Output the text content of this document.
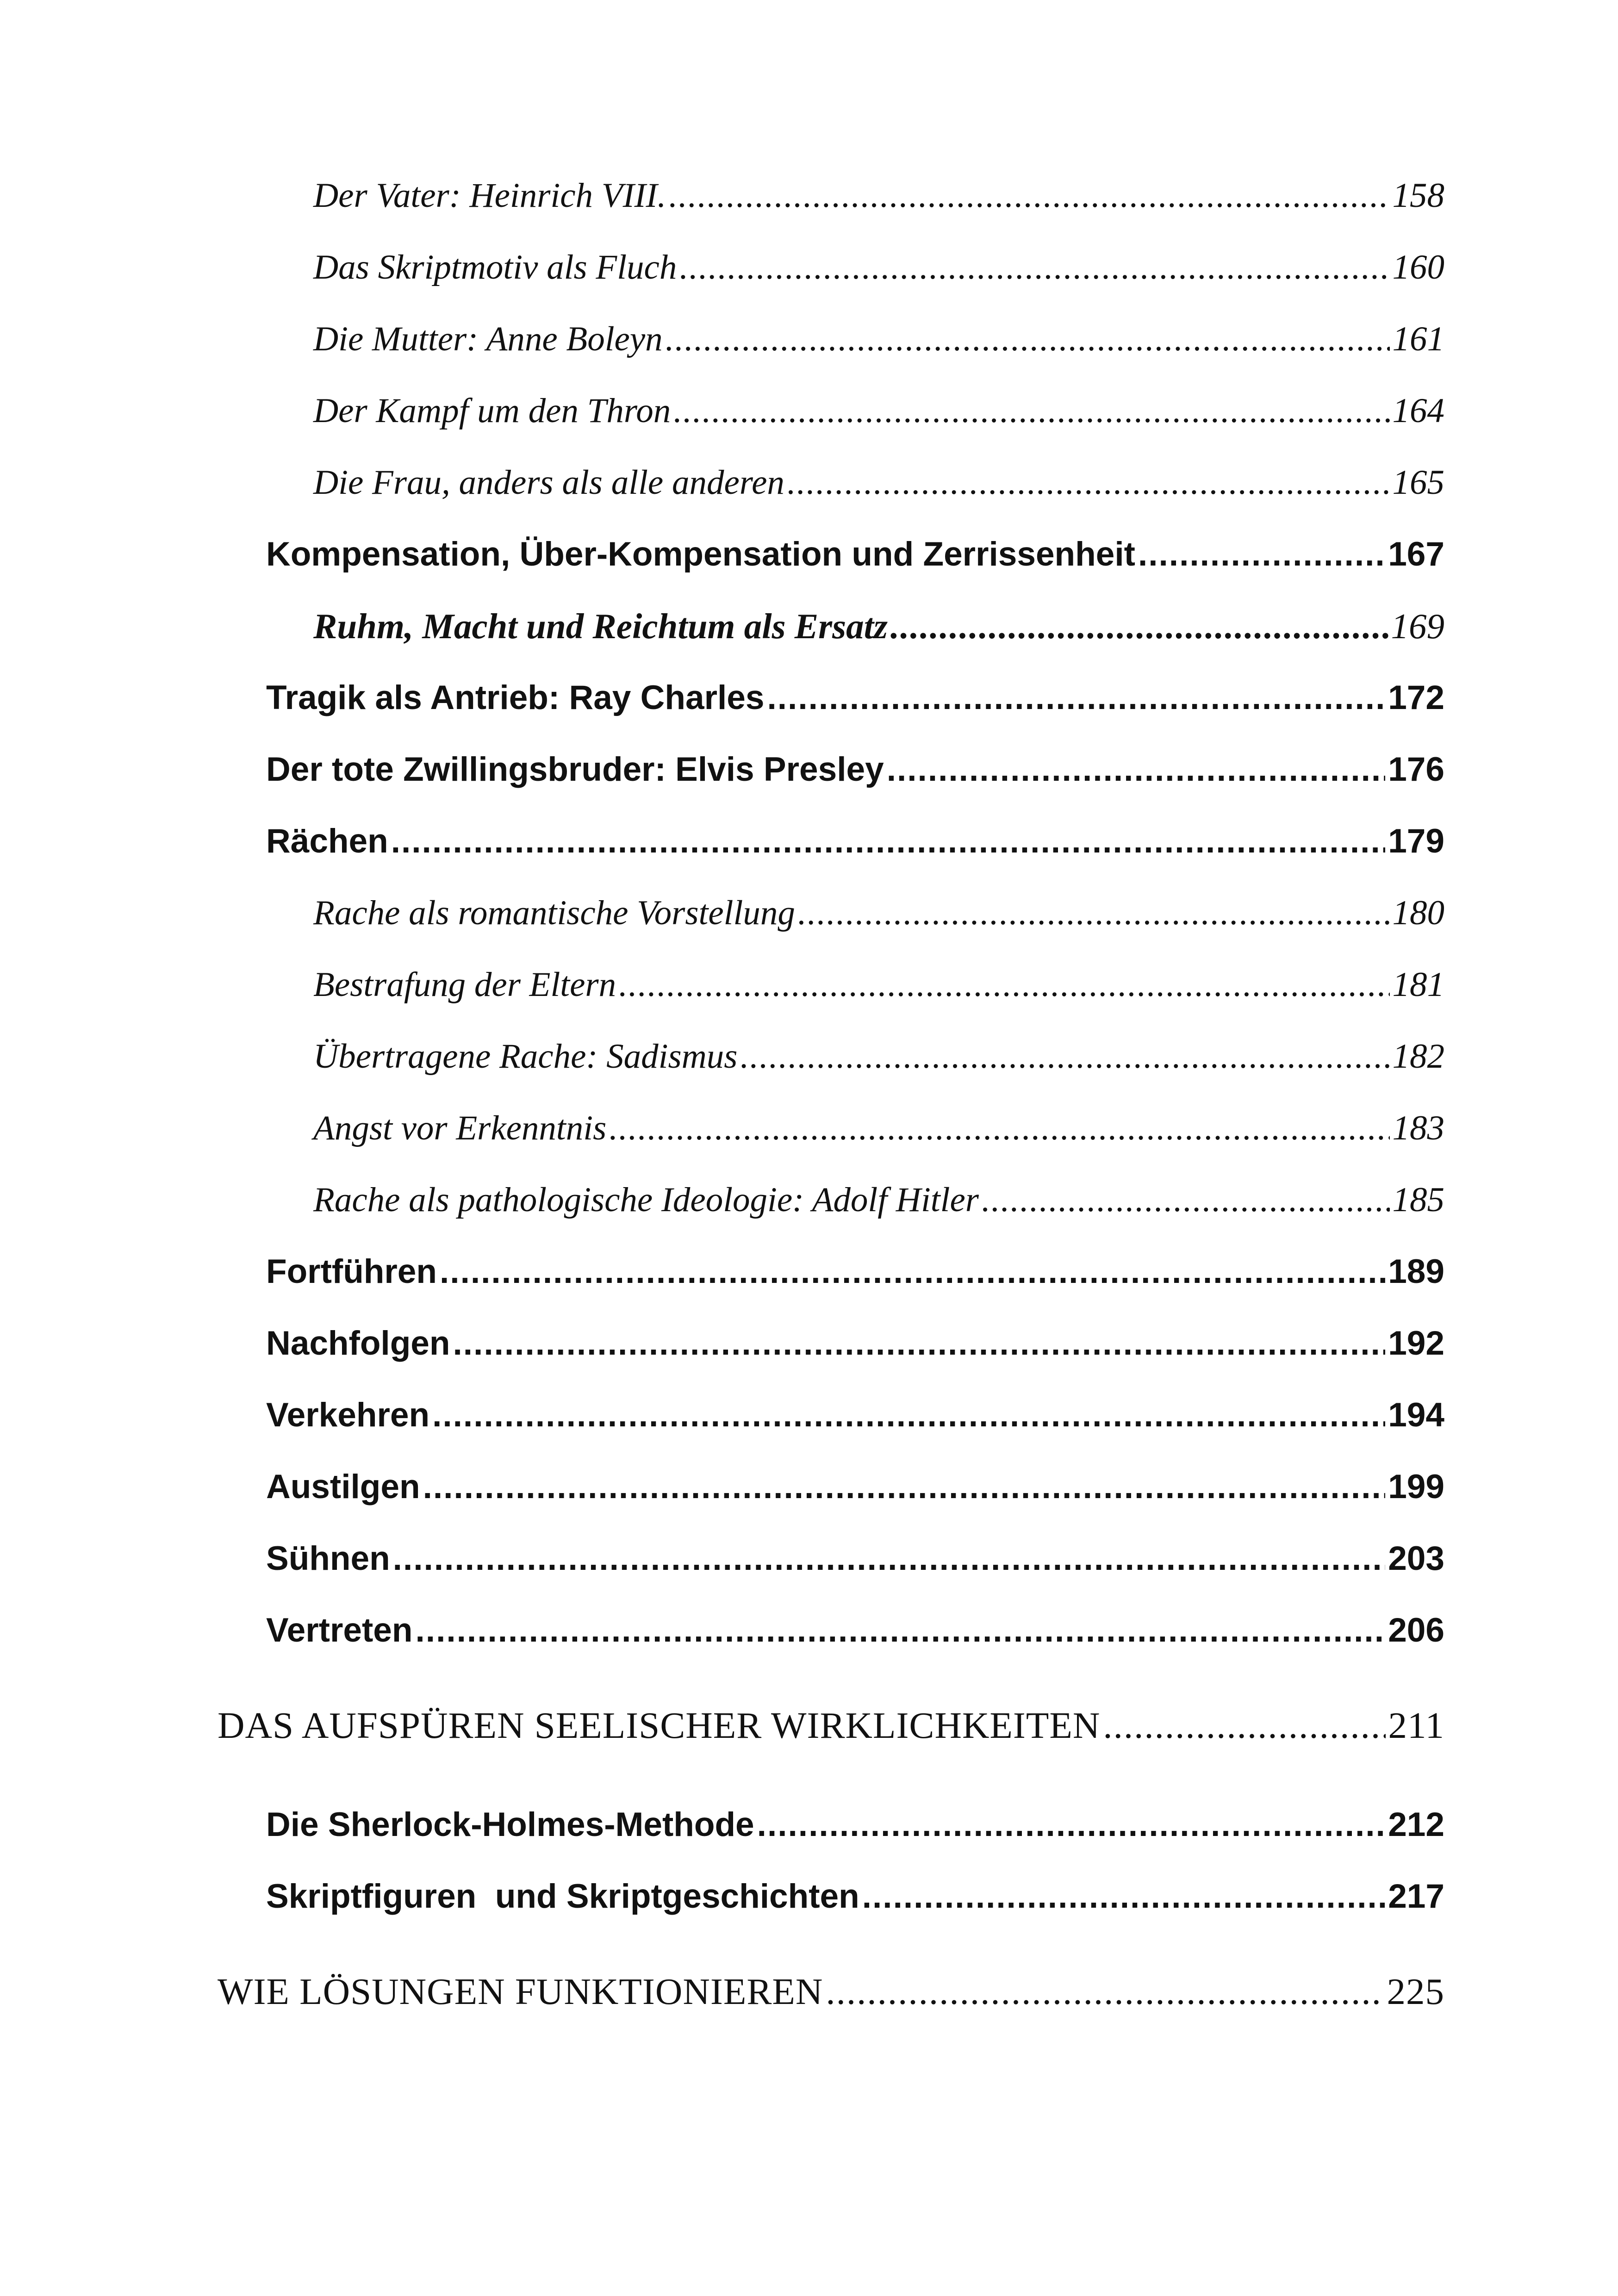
Der Vater: Heinrich VIII. .....	158
Das Skriptmotiv als Fluch .....	160
Die Mutter: Anne Boleyn .....	161
Der Kampf um den Thron .....	164
Die Frau, anders als alle anderen .....	165
Kompensation, Über-Kompensation und Zerrissenheit .....	167
Ruhm, Macht und Reichtum als Ersatz .....	169
Tragik als Antrieb: Ray Charles .....	172
Der tote Zwillingsbruder: Elvis Presley .....	176
Rächen .....	179
Rache als romantische Vorstellung .....	180
Bestrafung der Eltern .....	181
Übertragene Rache: Sadismus .....	182
Angst vor Erkenntnis .....	183
Rache als pathologische Ideologie: Adolf Hitler .....	185
Fortführen .....	189
Nachfolgen .....	192
Verkehren .....	194
Austilgen .....	199
Sühnen .....	203
Vertreten .....	206
DAS AUFSPÜREN SEELISCHER WIRKLICHKEITEN .....	211
Die Sherlock-Holmes-Methode .....	212
Skriptfiguren  und Skriptgeschichten .....	217
WIE LÖSUNGEN FUNKTIONIEREN .....	225
